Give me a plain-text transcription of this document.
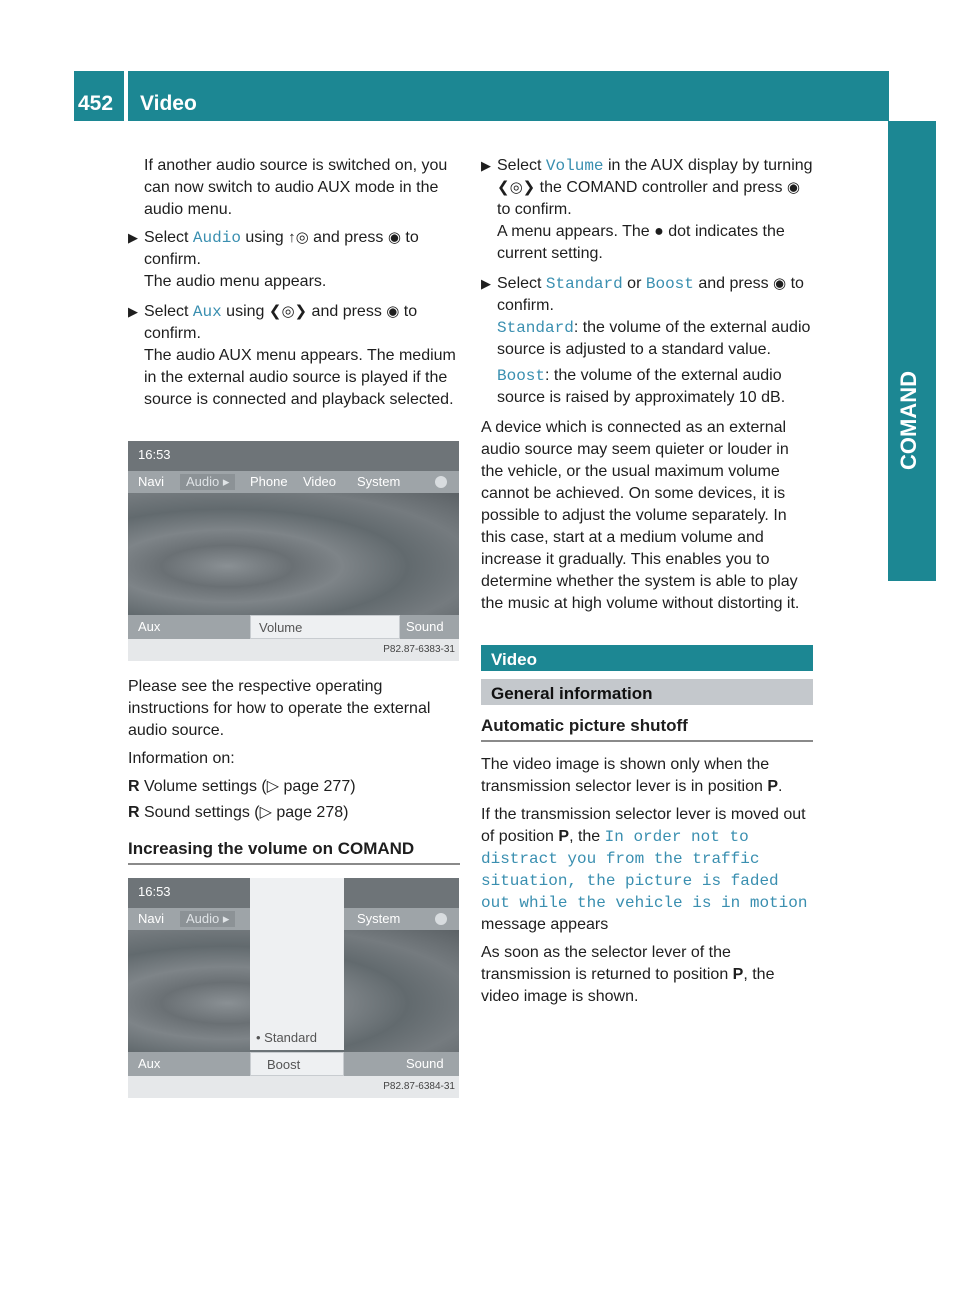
452 Video
COMAND

If another audio source is switched on, you can now switch to audio AUX mode in the audio menu.

▶ Select Audio using ↑◎ and press ◉ to confirm.
The audio menu appears.
▶ Select Aux using ❮◎❯ and press ◉ to confirm.
The audio AUX menu appears. The medium in the external audio source is played if the source is connected and playback selected.
16:53
Navi	Audio ▸	Phone Video System
Aux	Volume	Sound
P82.87-6383-31

Please see the respective operating instructions for how to operate the external audio source.

Information on:

R Volume settings (▷ page 277)
R Sound settings (▷ page 278)
Increasing the volume on COMAND
16:53
Navi	Audio ▸	System
• Standard
Aux	Boost	Sound
P82.87-6384-31
▶ Select Volume in the AUX display by turning ❮◎❯ the COMAND controller and press ◉ to confirm.
A menu appears. The ● dot indicates the current setting.
▶ Select Standard or Boost and press ◉ to confirm.
Standard: the volume of the external audio source is adjusted to a standard value.
Boost: the volume of the external audio source is raised by approximately 10 dB.

A device which is connected as an external audio source may seem quieter or louder in the vehicle, or the usual maximum volume cannot be achieved. On some devices, it is possible to adjust the volume separately. In this case, start at a medium volume and increase it gradually. This enables you to determine whether the system is able to play the music at high volume without distorting it.

Video
General information
Automatic picture shutoff

The video image is shown only when the transmission selector lever is in position P.

If the transmission selector lever is moved out of position P, the In order not to distract you from the traffic situation, the picture is faded out while the vehicle is in motion message appears

As soon as the selector lever of the transmission is returned to position P, the video image is shown.
